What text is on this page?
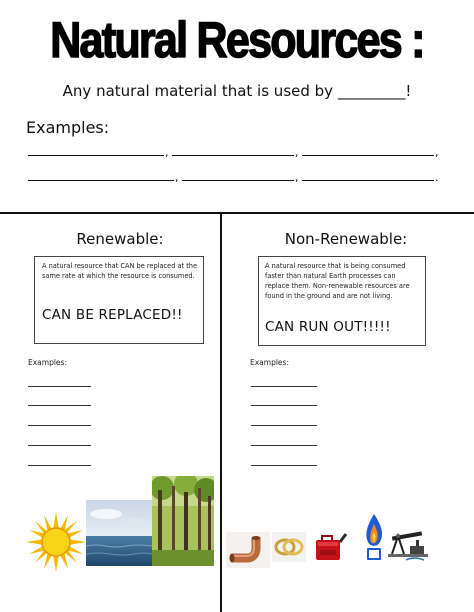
Natural Resources :
Any natural material that is used by _________!
Examples:
,	,	,
,	,	.
Renewable:
A natural resource that CAN be replaced at the same rate at which the resource is consumed.
CAN BE REPLACED!!
Examples:
Non-Renewable:
A natural resource that is being consumed faster than natural Earth processes can replace them. Non-renewable resources are found in the ground and are not living.
CAN RUN OUT!!!!!
Examples:
